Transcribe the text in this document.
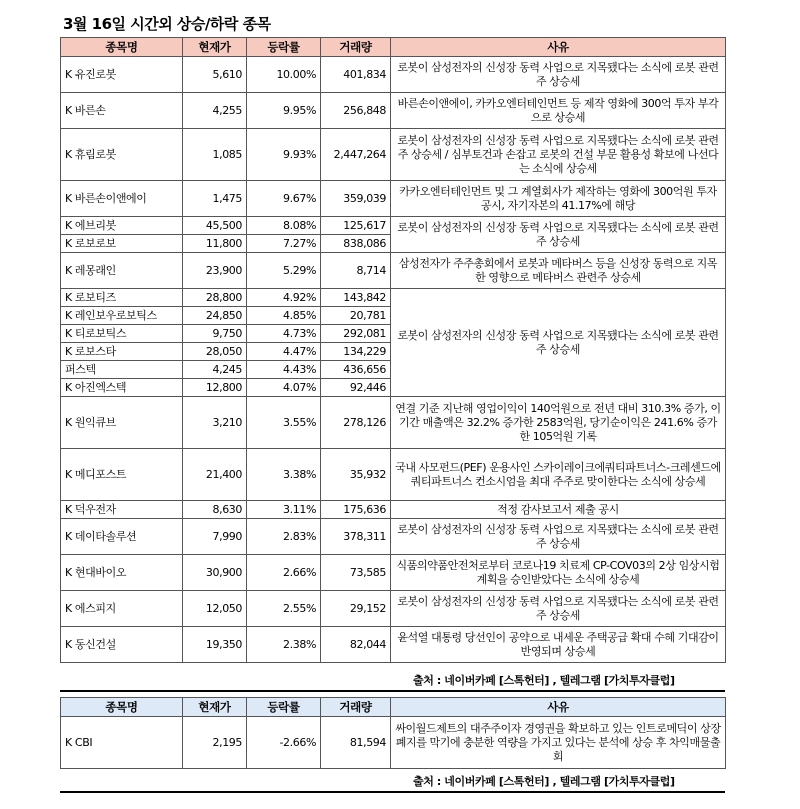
3월 16일 시간외 상승/하락 종목
종목명	현재가	등락률	거래량	사유
K 유진로봇	5,610	10.00%	401,834	로봇이 삼성전자의 신성장 동력 사업으로 지목됐다는 소식에 로봇 관련주 상승세
K 바른손	4,255	9.95%	256,848	바른손이앤에이, 카카오엔터테인먼트 등 제작 영화에 300억 투자 부각으로 상승세
K 휴림로봇	1,085	9.93%	2,447,264	로봇이 삼성전자의 신성장 동력 사업으로 지목됐다는 소식에 로봇 관련주 상승세 / 심부토건과 손잡고 로봇의 건설 부문 활용성 확보에 나선다는 소식에 상승세
K 바른손이앤에이	1,475	9.67%	359,039	카카오엔터테인먼트 및 그 계열회사가 제작하는 영화에 300억원 투자 공시, 자기자본의 41.17%에 해당
K 에브리봇	45,500	8.08%	125,617	로봇이 삼성전자의 신성장 동력 사업으로 지목됐다는 소식에 로봇 관련주 상승세
K 로보로보	11,800	7.27%	838,086	
K 레몽래인	23,900	5.29%	8,714	삼성전자가 주주총회에서 로봇과 메타버스 등을 신성장 동력으로 지목한 영향으로 메타버스 관련주 상승세
K 로보티즈	28,800	4.92%	143,842	로봇이 삼성전자의 신성장 동력 사업으로 지목됐다는 소식에 로봇 관련주 상승세
K 레인보우로보틱스	24,850	4.85%	20,781	
K 티로보틱스	9,750	4.73%	292,081	
K 로보스타	28,050	4.47%	134,229	
퍼스텍	4,245	4.43%	436,656	
K 아진엑스텍	12,800	4.07%	92,446	
K 원익큐브	3,210	3.55%	278,126	연결 기준 지난해 영업이익이 140억원으로 전년 대비 310.3% 증가, 이 기간 매출액은 32.2% 증가한 2583억원, 당기순이익은 241.6% 증가한 105억원 기록
K 메디포스트	21,400	3.38%	35,932	국내 사모펀드(PEF) 운용사인 스카이레이크에쿼티파트너스-크레센드에쿼티파트너스 컨소시엄을 최대 주주로 맞이한다는 소식에 상승세
K 덕우전자	8,630	3.11%	175,636	적정 감사보고서 제출 공시
K 데이타솔루션	7,990	2.83%	378,311	로봇이 삼성전자의 신성장 동력 사업으로 지목됐다는 소식에 로봇 관련주 상승세
K 현대바이오	30,900	2.66%	73,585	식품의약품안전처로부터 코로나19 치료제 CP-COV03의 2상 임상시험계획을 승인받았다는 소식에 상승세
K 에스피지	12,050	2.55%	29,152	로봇이 삼성전자의 신성장 동력 사업으로 지목됐다는 소식에 로봇 관련주 상승세
K 동신건설	19,350	2.38%	82,044	윤석열 대통령 당선인이 공약으로 내세운 주택공급 확대 수혜 기대감이 반영되며 상승세
출처 : 네이버카페 [스톡헌터] , 텔레그램 [가치투자클럽]
종목명	현재가	등락률	거래량	사유
K CBI	2,195	-2.66%	81,594	싸이월드제트의 대주주이자 경영권을 확보하고 있는 인트로메딕이 상장폐지를 막기에 충분한 역량을 가지고 있다는 분석에 상승 후 차익매물출회
출처 : 네이버카페 [스톡헌터] , 텔레그램 [가치투자클럽]
